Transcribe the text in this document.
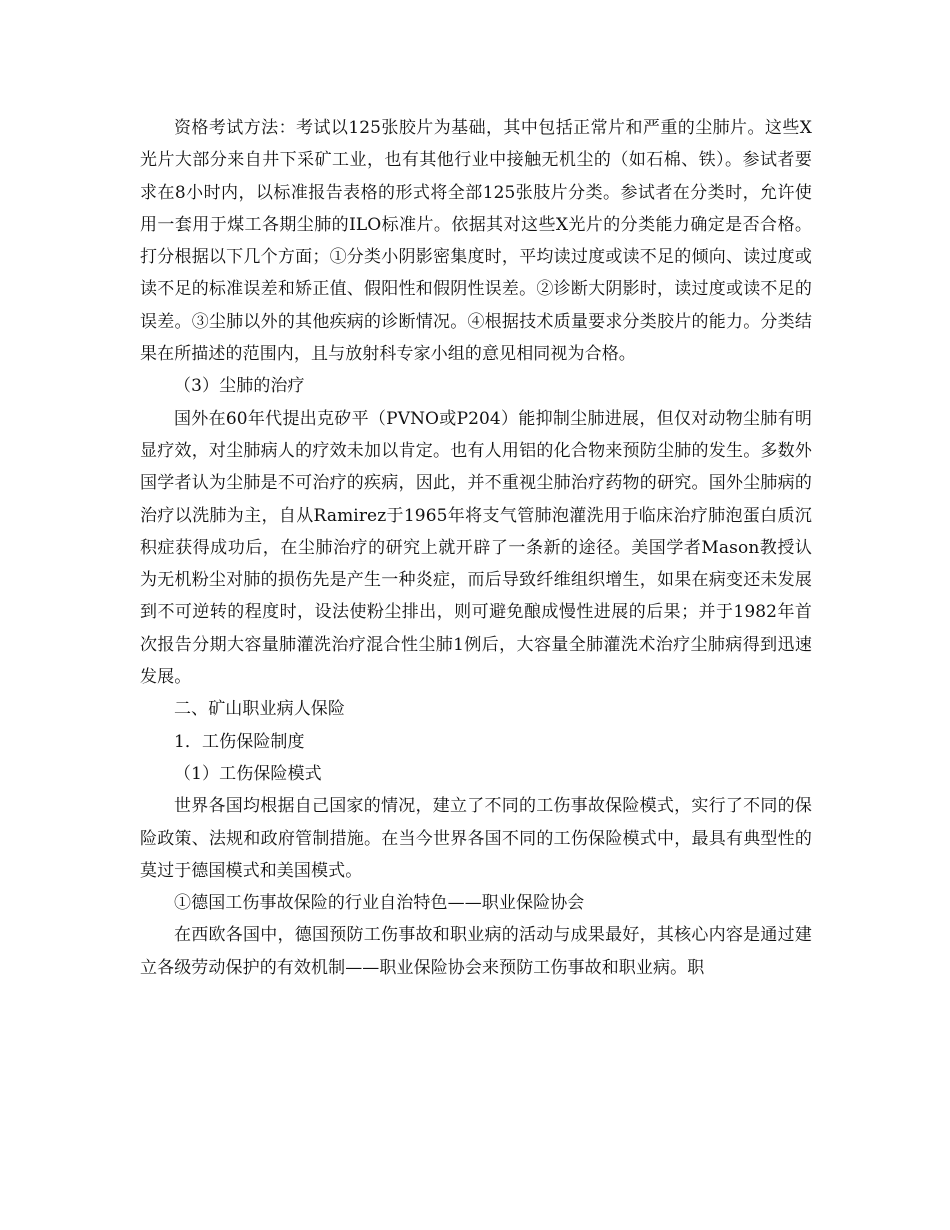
资格考试方法：考试以125张胶片为基础，其中包括正常片和严重的尘肺片。这些X光片大部分来自井下采矿工业，也有其他行业中接触无机尘的（如石棉、铁）。参试者要求在8小时内，以标准报告表格的形式将全部125张肢片分类。参试者在分类时，允许使用一套用于煤工各期尘肺的ILO标准片。依据其对这些X光片的分类能力确定是否合格。打分根据以下几个方面；①分类小阴影密集度时，平均读过度或读不足的倾向、读过度或读不足的标准误差和矫正值、假阳性和假阴性误差。②诊断大阴影时，读过度或读不足的误差。③尘肺以外的其他疾病的诊断情况。④根据技术质量要求分类胶片的能力。分类结果在所描述的范围内，且与放射科专家小组的意见相同视为合格。

（3）尘肺的治疗

国外在60年代提出克矽平（PVNO或P204）能抑制尘肺进展，但仅对动物尘肺有明显疗效，对尘肺病人的疗效未加以肯定。也有人用铝的化合物来预防尘肺的发生。多数外国学者认为尘肺是不可治疗的疾病，因此，并不重视尘肺治疗药物的研究。国外尘肺病的治疗以洗肺为主，自从Ramirez于1965年将支气管肺泡灌洗用于临床治疗肺泡蛋白质沉积症获得成功后，在尘肺治疗的研究上就开辟了一条新的途径。美国学者Mason教授认为无机粉尘对肺的损伤先是产生一种炎症，而后导致纤维组织增生，如果在病变还未发展到不可逆转的程度时，设法使粉尘排出，则可避免酿成慢性进展的后果；并于1982年首次报告分期大容量肺灌洗治疗混合性尘肺1例后，大容量全肺灌洗术治疗尘肺病得到迅速发展。

二、矿山职业病人保险

1．工伤保险制度

（1）工伤保险模式

世界各国均根据自己国家的情况，建立了不同的工伤事故保险模式，实行了不同的保险政策、法规和政府管制措施。在当今世界各国不同的工伤保险模式中，最具有典型性的莫过于德国模式和美国模式。

①德国工伤事故保险的行业自治特色——职业保险协会

在西欧各国中，德国预防工伤事故和职业病的活动与成果最好，其核心内容是通过建立各级劳动保护的有效机制——职业保险协会来预防工伤事故和职业病。职
